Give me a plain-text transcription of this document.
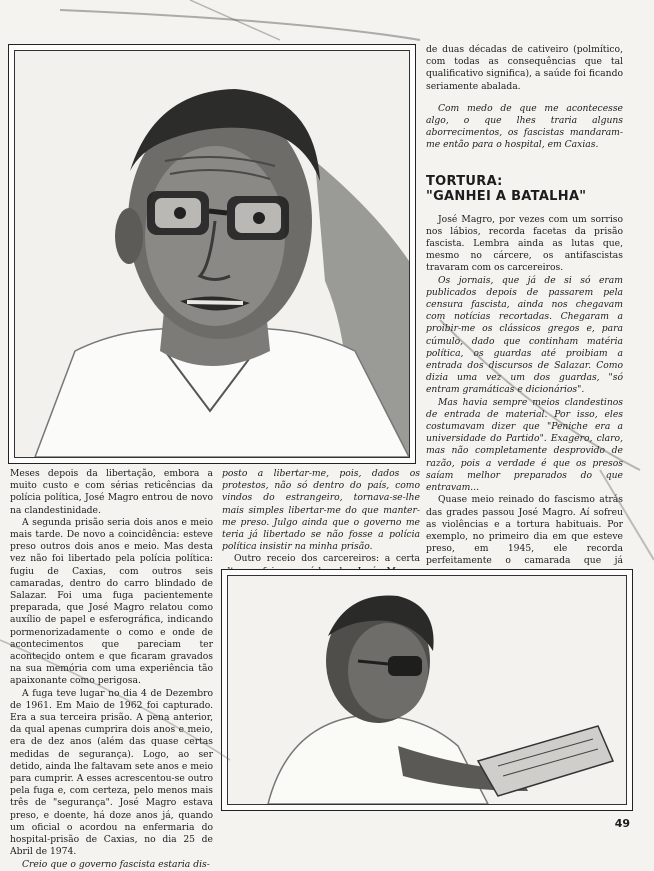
de duas décadas de cativeiro (polmítico, com todas as consequências que tal qualificativo significa), a saúde foi ficando seriamente abalada.

Com medo de que me acontecesse algo, o que lhes traria alguns aborrecimentos, os fascistas mandaram-me então para o hospital, em Caxias.

TORTURA:
"GANHEI A BATALHA"

José Magro, por vezes com um sorriso nos lábios, recorda facetas da prisão fascista. Lembra ainda as lutas que, mesmo no cárcere, os antifascistas travaram com os carcereiros.

Os jornais, que já de si só eram publicados depois de passarem pela censura fascista, ainda nos chegavam com notícias recortadas. Chegaram a proibir-me os clássicos gregos e, para cúmulo, dado que continham matéria política, os guardas até proibiam a entrada dos discursos de Salazar. Como dizia uma vez um dos guardas, "só entram gramáticas e dicionários".

Mas havia sempre meios clandestinos de entrada de material. Por isso, eles costumavam dizer que "Peniche era a universidade do Partido". Exagero, claro, mas não completamente desprovido de razão, pois a verdade é que os presos saíam melhor preparados do que entravam...

Quase meio reinado do fascismo atrás das grades passou José Magro. Aí sofreu as violências e a tortura habituais. Por exemplo, no primeiro dia em que esteve preso, em 1945, ele recorda perfeitamente o camarada que já

Meses depois da libertação, embora a muito custo e com sérias reticências da polícia política, José Magro entrou de novo na clandestinidade.

A segunda prisão seria dois anos e meio mais tarde. De novo a coincidência: esteve preso outros dois anos e meio. Mas desta vez não foi libertado pela polícia política: fugiu de Caxias, com outros seis camaradas, dentro do carro blindado de Salazar. Foi uma fuga pacientemente preparada, que José Magro relatou como auxílio de papel e esferográfica, indicando pormenorizadamente o como e onde de acontecimentos que pareciam ter acontecido ontem e que ficaram gravados na sua memória com uma experiência tão apaixonante como perigosa.

A fuga teve lugar no dia 4 de Dezembro de 1961. Em Maio de 1962 foi capturado. Era a sua terceira prisão. A pena anterior, da qual apenas cumprira dois anos e meio, era de dez anos (além das quase certas medidas de segurança). Logo, ao ser detido, ainda lhe faltavam sete anos e meio para cumprir. A esses acrescentou-se outro pela fuga e, com certeza, pelo menos mais três de "segurança". José Magro estava preso, e doente, há doze anos já, quando um oficial o acordou na enfermaria do hospital-prisão de Caxias, no dia 25 de Abril de 1974.

Creio que o governo fascista estaria dis-

posto a libertar-me, pois, dados os protestos, não só dentro do país, como vindos do estrangeiro, tornava-se-lhe mais simples libertar-me do que manter-me preso. Julgo ainda que o governo me teria já libertado se não fosse a polícia política insistir na minha prisão.

Outro receio dos carcereiros: a certa

49
